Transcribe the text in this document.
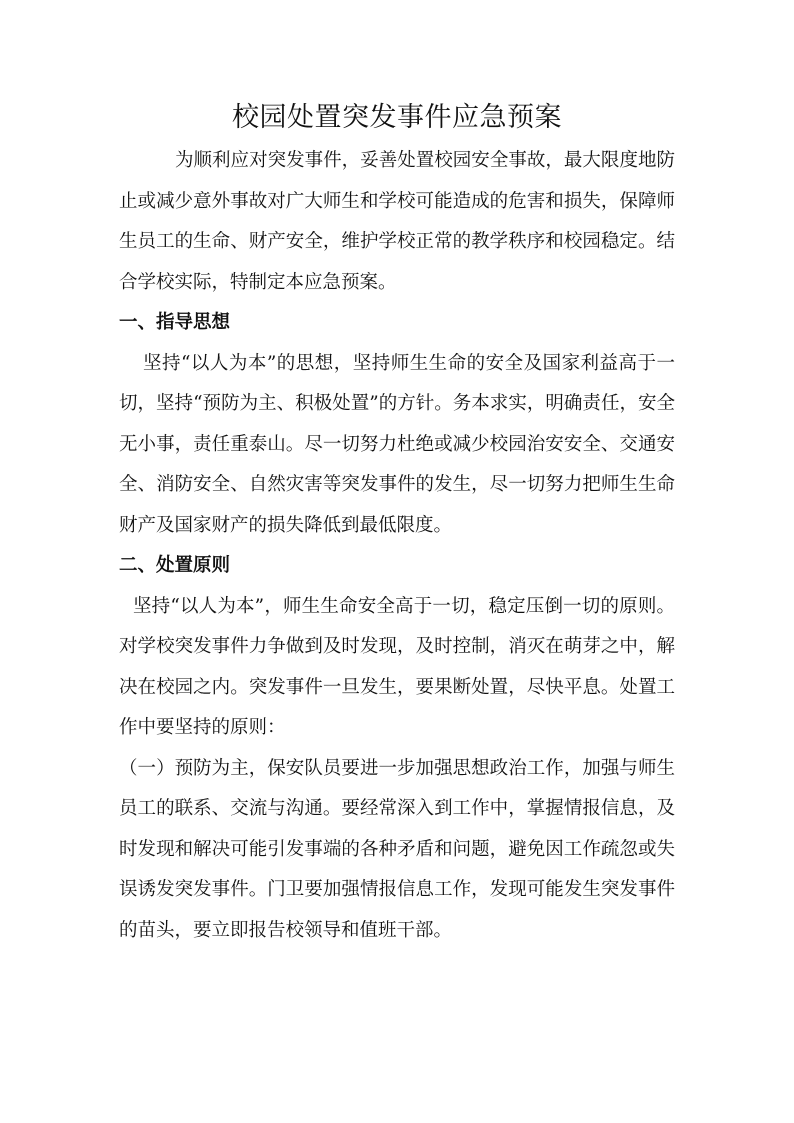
校园处置突发事件应急预案

为顺利应对突发事件，妥善处置校园安全事故，最大限度地防止或减少意外事故对广大师生和学校可能造成的危害和损失，保障师生员工的生命、财产安全，维护学校正常的教学秩序和校园稳定。结合学校实际，特制定本应急预案。

一、指导思想

坚持“以人为本”的思想，坚持师生生命的安全及国家利益高于一切，坚持“预防为主、积极处置”的方针。务本求实，明确责任，安全无小事，责任重泰山。尽一切努力杜绝或减少校园治安安全、交通安全、消防安全、自然灾害等突发事件的发生，尽一切努力把师生生命财产及国家财产的损失降低到最低限度。

二、处置原则

坚持“以人为本”，师生生命安全高于一切，稳定压倒一切的原则。对学校突发事件力争做到及时发现，及时控制，消灭在萌芽之中，解决在校园之内。突发事件一旦发生，要果断处置，尽快平息。处置工作中要坚持的原则：

（一）预防为主，保安队员要进一步加强思想政治工作，加强与师生员工的联系、交流与沟通。要经常深入到工作中，掌握情报信息，及时发现和解决可能引发事端的各种矛盾和问题，避免因工作疏忽或失误诱发突发事件。门卫要加强情报信息工作，发现可能发生突发事件的苗头，要立即报告校领导和值班干部。
